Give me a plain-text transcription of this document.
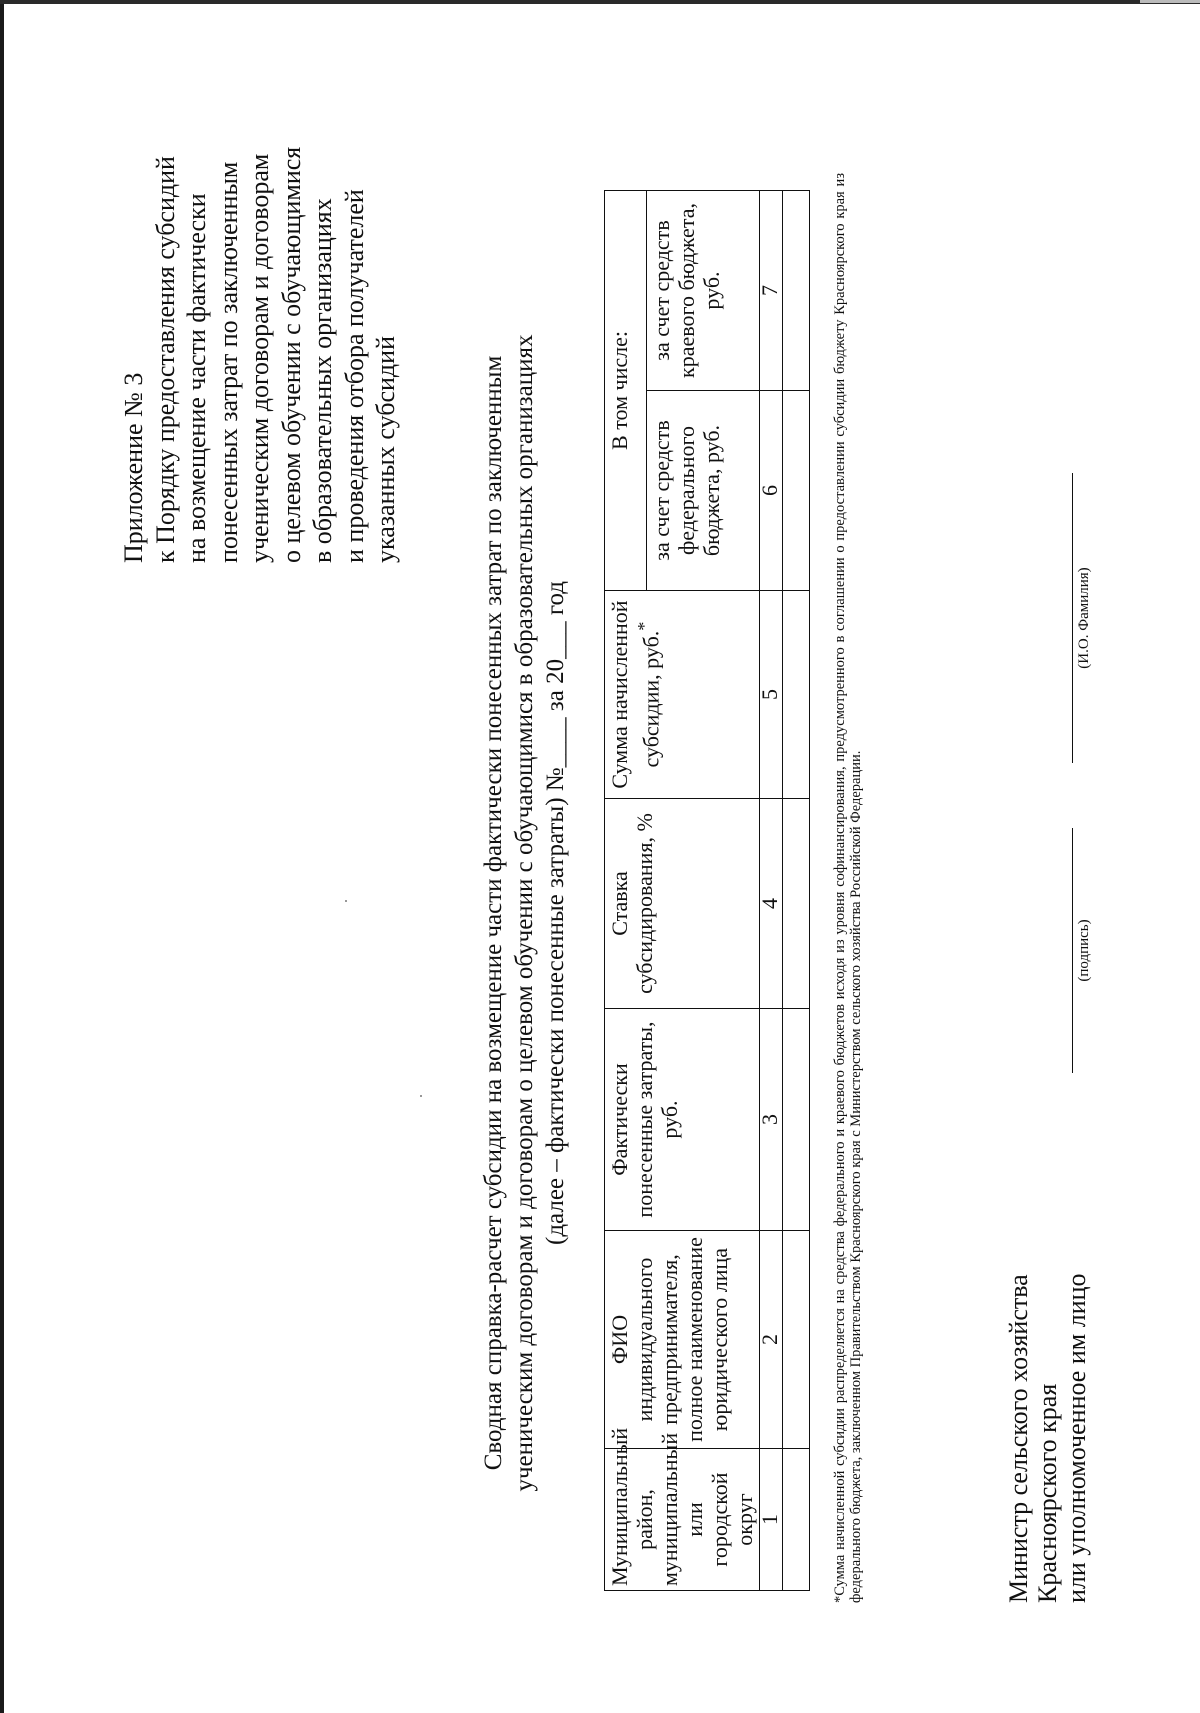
Приложение № 3 к Порядку предоставления субсидий на возмещение части фактически понесенных затрат по заключенным ученическим договорам и договорам о целевом обучении с обучающимися в образовательных организациях и проведения отбора получателей указанных субсидий	Сводная справка-расчет субсидии на возмещение части фактически понесенных затрат по заключенным ученическим договорам и договорам о целевом обучении с обучающимися в образовательных организациях (далее – фактически понесенные затраты) №____ за 20___ год
Муниципальный район, муниципальный или городской округ	ФИО индивидуального предпринимателя, полное наименование юридического лица	Фактически понесенные затраты, руб.	Ставка субсидирования, %	Сумма начисленной субсидии, руб.*	В том числе:	
					за счет средств федерального бюджета, руб.	за счет средств краевого бюджета, руб.
1	2	3	4	5	6	7
							*Сумма начисленной субсидии распределяется на средства федерального и краевого бюджетов исходя из уровня софинансирования, предусмотренного в соглашении о предоставлении субсидии бюджету Красноярского края из федерального бюджета, заключенном Правительством Красноярского края с Министерством сельского хозяйства Российской Федерации.	Министр сельского хозяйства Красноярского края или уполномоченное им лицо
(подпись)
(И.О. Фамилия)
